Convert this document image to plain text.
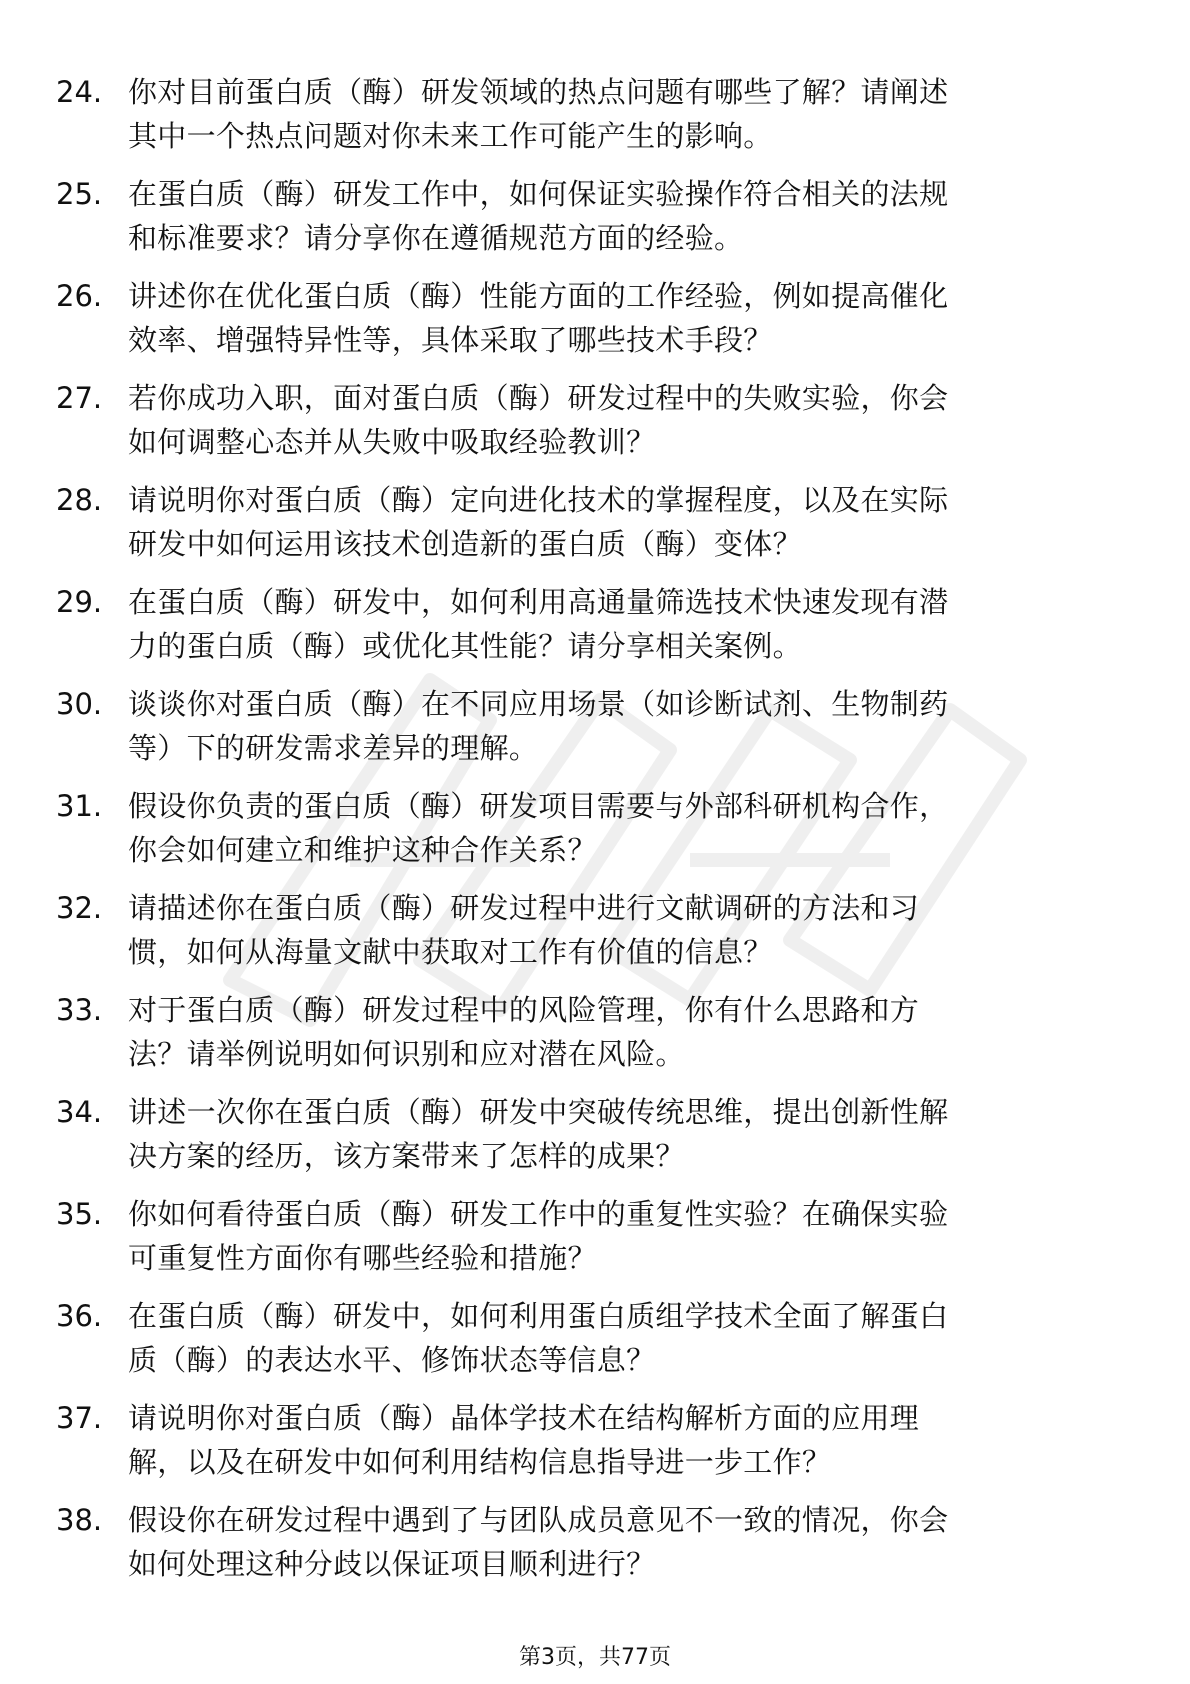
24. 你对目前蛋白质（酶）研发领域的热点问题有哪些了解？请阐述
其中一个热点问题对你未来工作可能产生的影响。
25. 在蛋白质（酶）研发工作中，如何保证实验操作符合相关的法规
和标准要求？请分享你在遵循规范方面的经验。
26. 讲述你在优化蛋白质（酶）性能方面的工作经验，例如提高催化
效率、增强特异性等，具体采取了哪些技术手段？
27. 若你成功入职，面对蛋白质（酶）研发过程中的失败实验，你会
如何调整心态并从失败中吸取经验教训？
28. 请说明你对蛋白质（酶）定向进化技术的掌握程度，以及在实际
研发中如何运用该技术创造新的蛋白质（酶）变体？
29. 在蛋白质（酶）研发中，如何利用高通量筛选技术快速发现有潜
力的蛋白质（酶）或优化其性能？请分享相关案例。
30. 谈谈你对蛋白质（酶）在不同应用场景（如诊断试剂、生物制药
等）下的研发需求差异的理解。
31. 假设你负责的蛋白质（酶）研发项目需要与外部科研机构合作，
你会如何建立和维护这种合作关系？
32. 请描述你在蛋白质（酶）研发过程中进行文献调研的方法和习
惯，如何从海量文献中获取对工作有价值的信息？
33. 对于蛋白质（酶）研发过程中的风险管理，你有什么思路和方
法？请举例说明如何识别和应对潜在风险。
34. 讲述一次你在蛋白质（酶）研发中突破传统思维，提出创新性解
决方案的经历，该方案带来了怎样的成果？
35. 你如何看待蛋白质（酶）研发工作中的重复性实验？在确保实验
可重复性方面你有哪些经验和措施？
36. 在蛋白质（酶）研发中，如何利用蛋白质组学技术全面了解蛋白
质（酶）的表达水平、修饰状态等信息？
37. 请说明你对蛋白质（酶）晶体学技术在结构解析方面的应用理
解，以及在研发中如何利用结构信息指导进一步工作？
38. 假设你在研发过程中遇到了与团队成员意见不一致的情况，你会
如何处理这种分歧以保证项目顺利进行？
第3页，共77页
